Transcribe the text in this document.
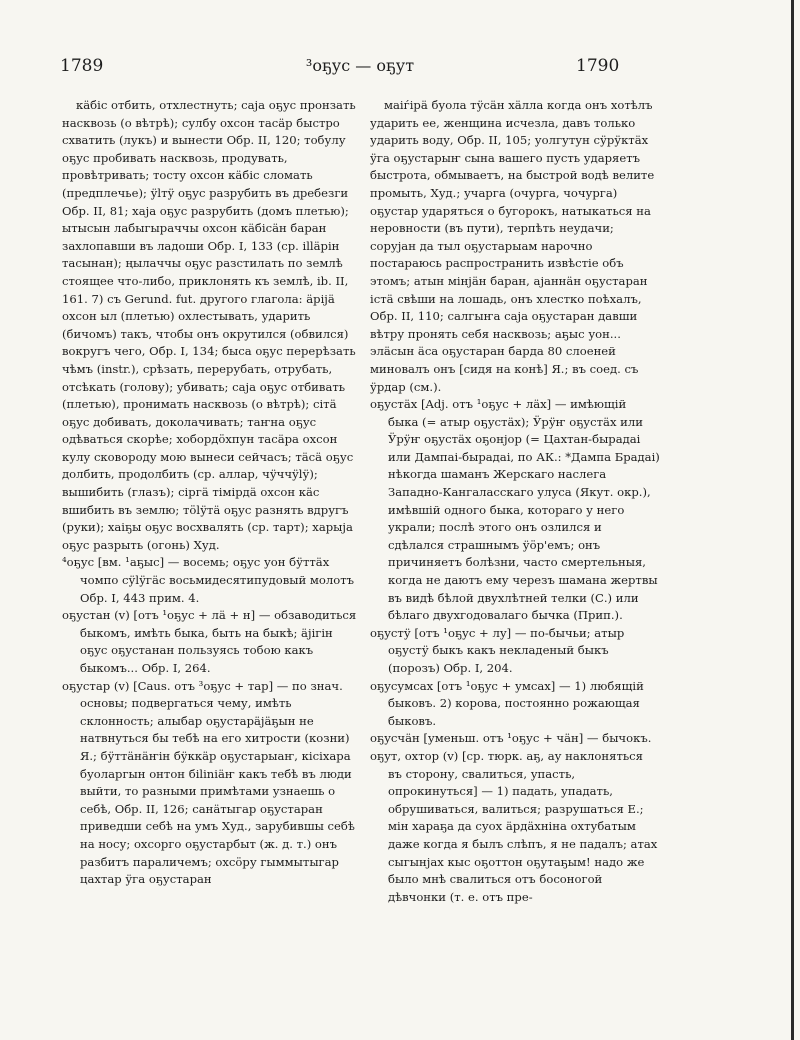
1789	³оҕус — оҕут	1790

кäбіс отбить, отхлестнуть; саја оҕус пронзать насквозь (о вѣтрѣ); сулбу охсон тасäр быстро схватить (лукъ) и вынести Обр. II, 120; тобулу оҕус пробивать насквозь, продувать, провѣтривать; тосту охсон кäбіс сломать (предплечье); ӱlтӱ оҕус разрубить въ дребезги Обр. II, 81; хаја оҕус разрубить (домъ плетью); ытысын лабыгыраччы охсон кäбісäн баран захлопавши въ ладоши Обр. I, 133 (ср. illäрін тасынан); ңылаччы оҕус разстилать по землѣ стоящее что-либо, приклонять къ землѣ, ib. II, 161. 7) съ Gerund. fut. другого глагола: äрijä охсон ыл (плетью) охлестывать, ударить (бичомъ) такъ, чтобы онъ окрутился (обвился) вокругъ чего, Обр. I, 134; быса оҕус перерѣзать чѣмъ (instr.), срѣзать, перерубать, отрубать, отсѣкать (голову); убивать; саја оҕус отбивать (плетью), пронимать насквозь (о вѣтрѣ); сітä оҕус добивать, доколачивать; таҥна оҕус одѣваться скорѣе; хобордӧхпун тасäра охсон кулу сковороду мою вынеси сейчасъ; тäсä оҕус долбить, продолбить (ср. аллар, чӱччӱlӱ); вышибить (глазъ); сіргä тімірдä охсон кäс вшибить въ землю; тӧlӱтä оҕус разнять вдругъ (руки); хаіҕы оҕус восхвалять (ср. тарт); харыја оҕус разрыть (огонь) Худ.

⁴оҕус [вм. ¹аҕыс] — восемь; оҕус уон бӱттäх чомпо сӱlӱгäс восьмидесятипудовый молотъ Обр. I, 443 прим. 4.

оҕустан (v) [отъ ¹оҕус + лä + н] — обзаводиться быкомъ, имѣть быка, быть на быкѣ; äјігін оҕус оҕустанан пользуясь тобою какъ быкомъ... Обр. I, 264.

оҕустар (v) [Caus. отъ ³оҕус + тар] — по знач. основы; подвергаться чему, имѣть склонность; алыбар оҕустарäјäҕын не натвнуться бы тебѣ на его хитрости (козни) Я.; бӱттäнäҥін бӱккäр оҕустарыаҥ, кісіхара буоларгын онтон біlіniäҥ какъ тебѣ въ люди выйти, то разными примѣтами узнаешь о себѣ, Обр. II, 126; санäтыгар оҕустаран приведши себѣ на умъ Худ., зарубившы себѣ на носу; охсорго оҕустарбыт (ж. д. т.) онъ разбитъ параличемъ; охсӧру гыммытыгар цахтар ӱга оҕустаран

маіѓірä буола тӱсäн хäлла когда онъ хотѣлъ ударить ее, женщина исчезла, давъ только ударить воду, Обр. II, 105; уолгутун сӱрӱктäх ӱга оҕустарыҥ сына вашего пусть ударяетъ быстрота, обмываетъ, на быстрой водѣ велите промыть, Худ.; учарга (очурга, чочурга) оҕустар ударяться о бугорокъ, натыкаться на неровности (въ пути), терпѣть неудачи; сорујан да тыл оҕустарыам нарочно постараюсь распространить извѣстіе объ этомъ; атын мінјäн баран, ајаннäн оҕустаран істä свѣши на лошадь, онъ хлестко поѣхалъ, Обр. II, 110; салгыҥа саја оҕустаран давши вѣтру пронять себя насквозь; аҕыс уон... элäсын äса оҕустаран барда 80 слоеней миновалъ онъ [сидя на конѣ] Я.; въ соед. съ ӱрдар (см.).

оҕустäх [Adj. отъ ¹оҕус + лäх] — имѣющій быка (= атыр оҕустäх); Ӱрӱҥ оҕустäх или Ӱрӱҥ оҕустäх оҕонјор (= Цахтан-бырадаі или Дампаі-бырадаі, по АК.: *Дампа Брадаі) нѣкогда шаманъ Жерскаго наслега Западно-Кангаласскаго улуса (Якут. окр.), имѣвшій одного быка, котораго у него украли; послѣ этого онъ озлился и сдѣлался страшнымъ ӱӧр'емъ; онъ причиняетъ болѣзни, часто смертельныя, когда не даютъ ему черезъ шамана жертвы въ видѣ бѣлой двухлѣтней телки (С.) или бѣлаго двухгодовалаго бычка (Прип.).

оҕустӱ [отъ ¹оҕус + лу] — по-бычьи; атыр оҕустӱ быкъ какъ некладеный быкъ (порозъ) Обр. I, 204.

оҕусумсах [отъ ¹оҕус + умсах] — 1) любящій быковъ. 2) корова, постоянно рожающая быковъ.

оҕусчäн [уменьш. отъ ¹оҕус + чäн] — бычокъ.

оҕут, охтор (v) [ср. тюрк. аҕ, ау наклоняться въ сторону, свалиться, упасть, опрокинуться] — 1) падать, упадать, обрушиваться, валиться; разрушаться Е.; мін хараҕа да суох äрдäхніна охтубатым даже когда я былъ слѣпъ, я не падалъ; атах сыгынјах кыс оҕоттон оҕутаҕым! надо же было мнѣ свалиться отъ босоногой дѣвчонки (т. е. отъ пре-
